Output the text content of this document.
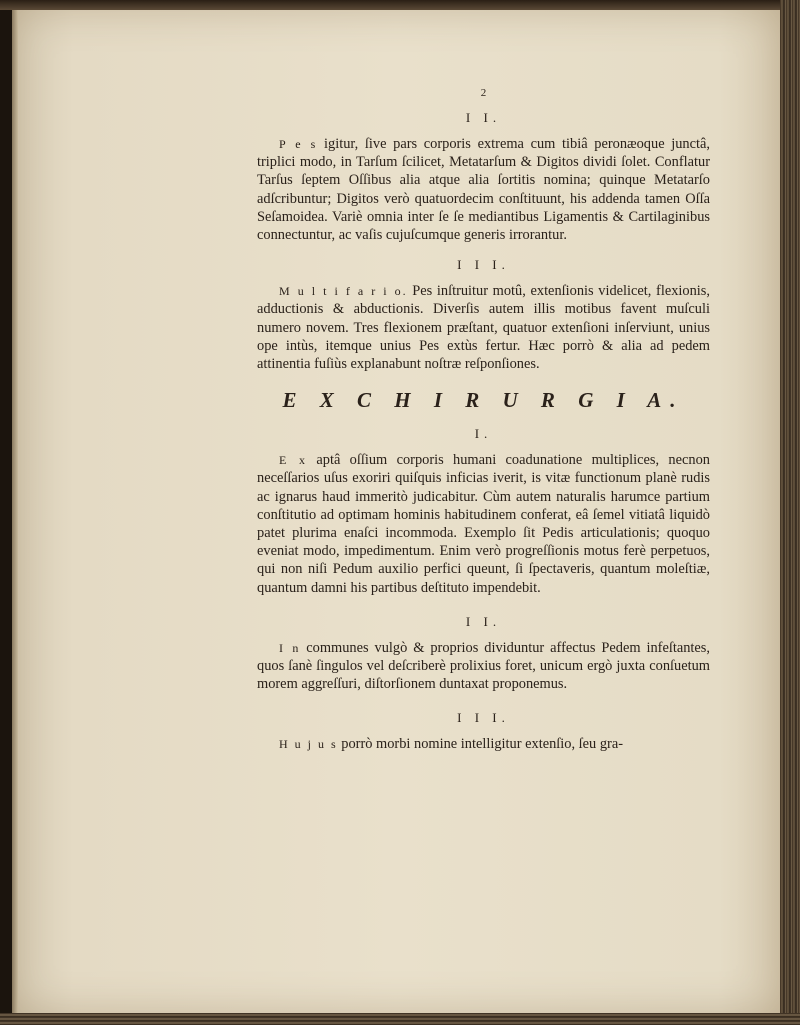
2
I I.

P e s igitur, ſive pars corporis extrema cum tibiâ peronæoque junctâ, triplici modo, in Tarſum ſcilicet, Metatarſum & Digitos dividi ſolet. Conflatur Tarſus ſeptem Oſſibus alia atque alia ſortitis nomina; quinque Metatarſo adſcribuntur; Digitos verò quatuordecim conſtituunt, his addenda tamen Oſſa Seſamoidea. Variè omnia inter ſe ſe mediantibus Ligamentis & Cartilaginibus connectuntur, ac vaſis cujuſcumque generis irrorantur.

I I I.

M u l t i f a r i o. Pes inſtruitur motû, extenſionis videlicet, flexionis, adductionis & abductionis. Diverſis autem illis motibus favent muſculi numero novem. Tres flexionem præſtant, quatuor extenſioni inſerviunt, unius ope intùs, itemque unius Pes extùs fertur. Hæc porrò & alia ad pedem attinentia fuſiùs explanabunt noſtræ reſponſiones.

E X C H I R U R G I A.
I.

E x aptâ oſſium corporis humani coadunatione multiplices, necnon neceſſarios uſus exoriri quiſquis inficias iverit, is vitæ functionum planè rudis ac ignarus haud immeritò judicabitur. Cùm autem naturalis harumce partium conſtitutio ad optimam hominis habitudinem conferat, eâ ſemel vitiatâ liquidò patet plurima enaſci incommoda. Exemplo ſit Pedis articulationis; quoquo eveniat modo, impedimentum. Enim verò progreſſionis motus ferè perpetuos, qui non niſi Pedum auxilio perfici queunt, ſi ſpectaveris, quantum moleſtiæ, quantum damni his partibus deſtituto impendebit.

I I.

I n communes vulgò & proprios dividuntur affectus Pedem infeſtantes, quos ſanè ſingulos vel deſcriberè prolixius foret, unicum ergò juxta conſuetum morem aggreſſuri, diſtorſionem duntaxat proponemus.

I I I.

H u j u s porrò morbi nomine intelligitur extenſio, ſeu gra-
